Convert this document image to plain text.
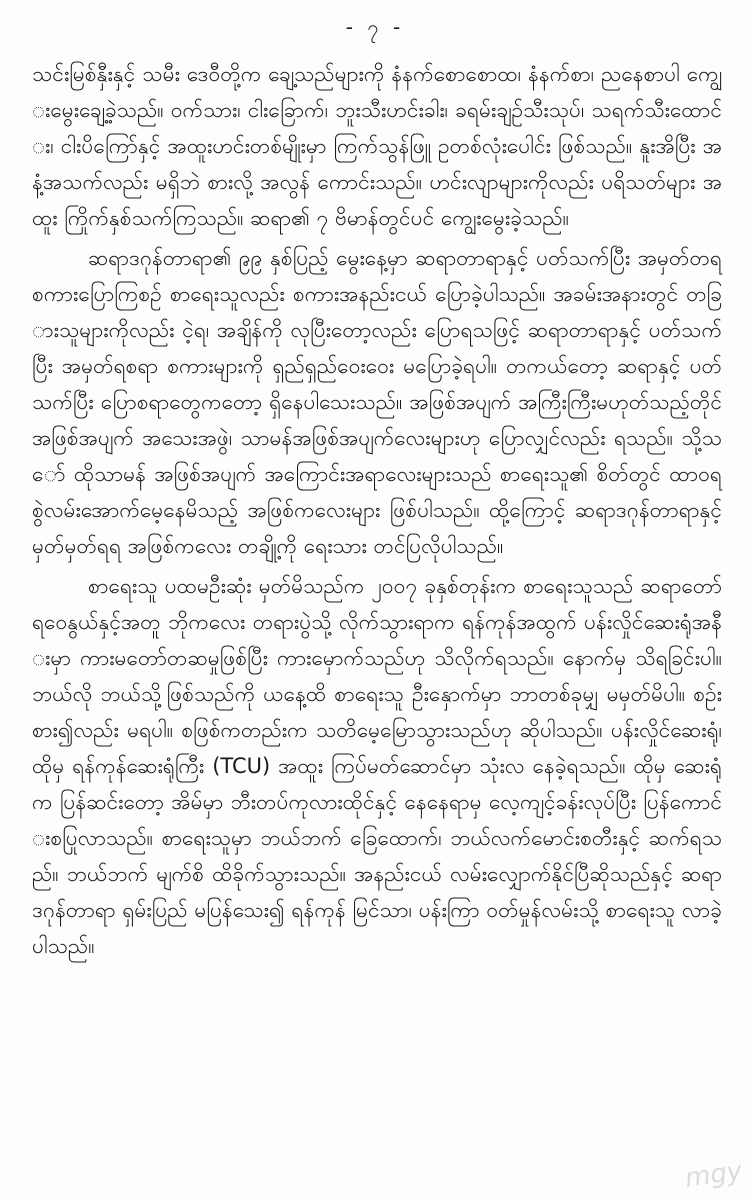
- ၇ -

သင်းမြစ်နှီးနှင့် သမီး ဒေဝီတို့က ချေ့သည်များကို နံနက်စောစောထ၊ နံနက်စာ၊ ညနေစာပါ ကျွေးမွေးချေ့ခဲ့သည်။ ဝက်သား၊ ငါးခြောက်၊ ဘူးသီးဟင်းခါး၊ ခရမ်းချဉ်သီးသုပ်၊ သရက်သီးထောင်း၊ ငါးပိကြော်နှင့် အထူးဟင်းတစ်မျိုးမှာ ကြက်သွန်ဖြူ ဥတစ်လုံးပေါင်း ဖြစ်သည်။ နူးအိပြီး အနံ့အသက်လည်း မရှိဘဲ စားလို့ အလွန် ကောင်းသည်။ ဟင်းလျာများကိုလည်း ပရိသတ်များ အထူး ကြိုက်နှစ်သက်ကြသည်။ ဆရာ၏ ၇ ဗိမာန်တွင်ပင် ကျွေးမွေးခဲ့သည်။

ဆရာဒဂုန်တာရာ၏ ၉၉ နှစ်ပြည့် မွေးနေ့မှာ ဆရာတာရာနှင့် ပတ်သက်ပြီး အမှတ်တရ စကားပြောကြစဉ် စာရေးသူလည်း စကားအနည်းငယ် ပြောခဲ့ပါသည်။ အခမ်းအနားတွင် တခြားသူများကိုလည်း ငဲ့ရ၊ အချိန်ကို လုပြီးတော့လည်း ပြောရသဖြင့် ဆရာတာရာနှင့် ပတ်သက်ပြီး အမှတ်ရစရာ စကားများကို ရှည်ရှည်ဝေးဝေး မပြောခဲ့ရပါ။ တကယ်တော့ ဆရာနှင့် ပတ်သက်ပြီး ပြောစရာတွေကတော့ ရှိနေပါသေးသည်။ အဖြစ်အပျက် အကြီးကြီးမဟုတ်သည့်တိုင် အဖြစ်အပျက် အသေးအဖွဲ၊ သာမန်အဖြစ်အပျက်လေးများဟု ပြောလျှင်လည်း ရသည်။ သို့သော် ထိုသာမန် အဖြစ်အပျက် အကြောင်းအရာလေးများသည် စာရေးသူ၏ စိတ်တွင် ထာဝရ စွဲလမ်းအောက်မေ့နေမိသည့် အဖြစ်ကလေးများ ဖြစ်ပါသည်။ ထို့ကြောင့် ဆရာဒဂုန်တာရာနှင့် မှတ်မှတ်ရရ အဖြစ်ကလေး တချို့ကို ရေးသား တင်ပြလိုပါသည်။

စာရေးသူ ပထမဦးဆုံး မှတ်မိသည်က ၂၀၀၇ ခုနှစ်တုန်းက စာရေးသူသည် ဆရာတော် ရဝေနွယ်နှင့်အတူ ဘိုကလေး တရားပွဲသို့ လိုက်သွားရာက ရန်ကုန်အထွက် ပန်းလှိုင်ဆေးရုံအနီးမှာ ကားမတော်တဆမှုဖြစ်ပြီး ကားမှောက်သည်ဟု သိလိုက်ရသည်။ နောက်မှ သိရခြင်းပါ။ ဘယ်လို ဘယ်သို့ဖြစ်သည်ကို ယနေ့ထိ စာရေးသူ ဦးနှောက်မှာ ဘာတစ်ခုမျှ မမှတ်မိပါ။ စဉ်းစား၍လည်း မရပါ။ စဖြစ်ကတည်းက သတိမေ့မြောသွားသည်ဟု ဆိုပါသည်။ ပန်းလှိုင်ဆေးရုံ၊ ထိုမှ ရန်ကုန်ဆေးရုံကြီး (TCU) အထူး ကြပ်မတ်ဆောင်မှာ သုံးလ နေခဲ့ရသည်။ ထိုမှ ဆေးရုံက ပြန်ဆင်းတော့ အိမ်မှာ ဘီးတပ်ကုလားထိုင်နှင့် နေနေရာမှ လေ့ကျင့်ခန်းလုပ်ပြီး ပြန်ကောင်းစပြုလာသည်။ စာရေးသူမှာ ဘယ်ဘက် ခြေထောက်၊ ဘယ်လက်မောင်းစတီးနှင့် ဆက်ရသည်။ ဘယ်ဘက် မျက်စိ ထိခိုက်သွားသည်။ အနည်းငယ် လမ်းလျှောက်နိုင်ပြီဆိုသည်နှင့် ဆရာဒဂုန်တာရာ ရှမ်းပြည် မပြန်သေး၍ ရန်ကုန် မြင်သာ၊ ပန်းကြာ ဝတ်မှုန်လမ်းသို့ စာရေးသူ လာခဲ့ပါသည်။

mgy
